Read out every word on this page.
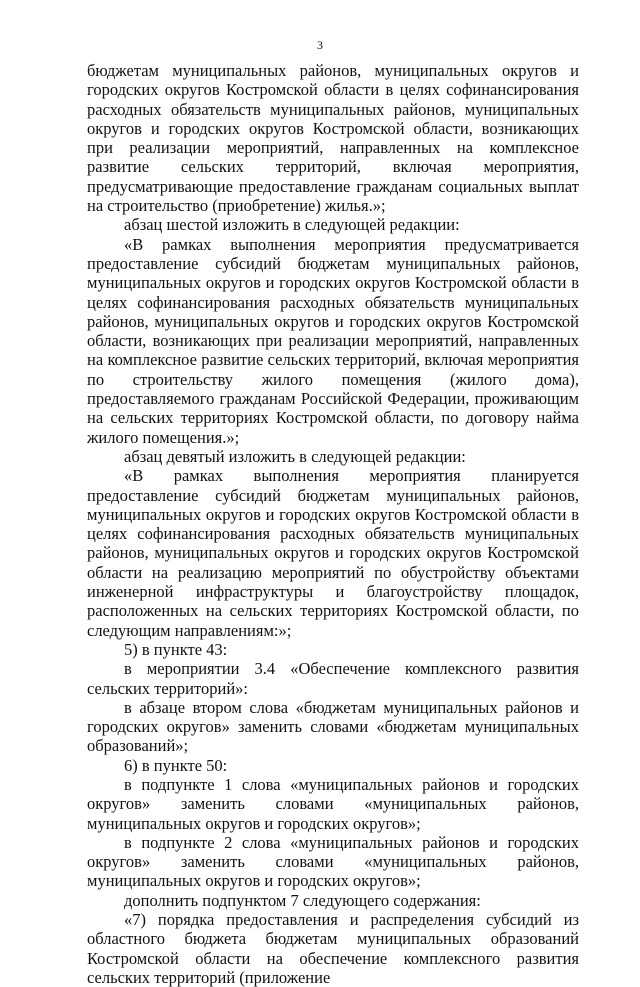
3

бюджетам муниципальных районов, муниципальных округов и городских округов Костромской области в целях софинансирования расходных обязательств муниципальных районов, муниципальных округов и городских округов Костромской области, возникающих при реализации мероприятий, направленных на комплексное развитие сельских территорий, включая мероприятия, предусматривающие предоставление гражданам социальных выплат на строительство (приобретение) жилья.»;

абзац шестой изложить в следующей редакции:

«В рамках выполнения мероприятия предусматривается предоставление субсидий бюджетам муниципальных районов, муниципальных округов и городских округов Костромской области в целях софинансирования расходных обязательств муниципальных районов, муниципальных округов и городских округов Костромской области, возникающих при реализации мероприятий, направленных на комплексное развитие сельских территорий, включая мероприятия по строительству жилого помещения (жилого дома), предоставляемого гражданам Российской Федерации, проживающим на сельских территориях Костромской области, по договору найма жилого помещения.»;

абзац девятый изложить в следующей редакции:

«В рамках выполнения мероприятия планируется предоставление субсидий бюджетам муниципальных районов, муниципальных округов и городских округов Костромской области в целях софинансирования расходных обязательств муниципальных районов, муниципальных округов и городских округов Костромской области на реализацию мероприятий по обустройству объектами инженерной инфраструктуры и благоустройству площадок, расположенных на сельских территориях Костромской области, по следующим направлениям:»;

5) в пункте 43:

в мероприятии 3.4 «Обеспечение комплексного развития сельских территорий»:

в абзаце втором слова «бюджетам муниципальных районов и городских округов» заменить словами «бюджетам муниципальных образований»;

6) в пункте 50:

в подпункте 1 слова «муниципальных районов и городских округов» заменить словами «муниципальных районов, муниципальных округов и городских округов»;

в подпункте 2 слова «муниципальных районов и городских округов» заменить словами «муниципальных районов, муниципальных округов и городских округов»;

дополнить подпунктом 7 следующего содержания:

«7) порядка предоставления и распределения субсидий из областного бюджета бюджетам муниципальных образований Костромской области на обеспечение комплексного развития сельских территорий (приложение
